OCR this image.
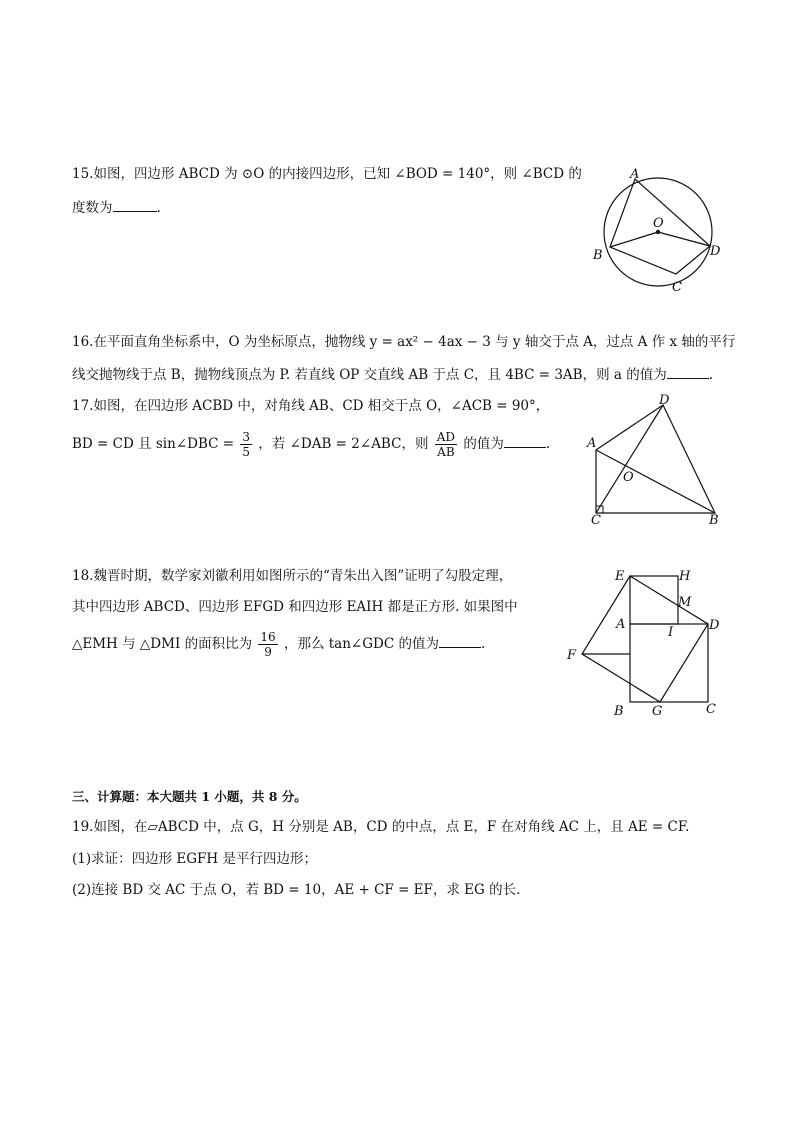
15.如图，四边形 ABCD 为 ⊙O 的内接四边形，已知 ∠BOD = 140°，则 ∠BCD 的
度数为	.
A
O
B	D
C
16.在平面直角坐标系中，O 为坐标原点，抛物线 y = ax² − 4ax − 3 与 y 轴交于点 A，过点 A 作 x 轴的平行
线交抛物线于点 B，抛物线顶点为 P. 若直线 OP 交直线 AB 于点 C，且 4BC = 3AB，则 a 的值为	.
17.如图，在四边形 ACBD 中，对角线 AB、CD 相交于点 O，∠ACB = 90°，
BD = CD 且 sin∠DBC = $\frac{3}{5}$ ，若 ∠DAB = 2∠ABC，则 $\frac{AD}{AB}$ 的值为	.
D
A
O
C	B
18.魏晋时期，数学家刘徽利用如图所示的“青朱出入图”证明了勾股定理，
其中四边形 ABCD、四边形 EFGD 和四边形 EAIH 都是正方形. 如果图中
△EMH 与 △DMI 的面积比为 $\frac{16}{9}$ ，那么 tan∠GDC 的值为	.
E	H
M
A
I	D
F
B G	C
三、计算题：本大题共 1 小题，共 8 分。
19.如图，在▱ABCD 中，点 G，H 分别是 AB，CD 的中点，点 E，F 在对角线 AC 上，且 AE = CF.
(1)求证：四边形 EGFH 是平行四边形；
(2)连接 BD 交 AC 于点 O，若 BD = 10，AE + CF = EF，求 EG 的长.
